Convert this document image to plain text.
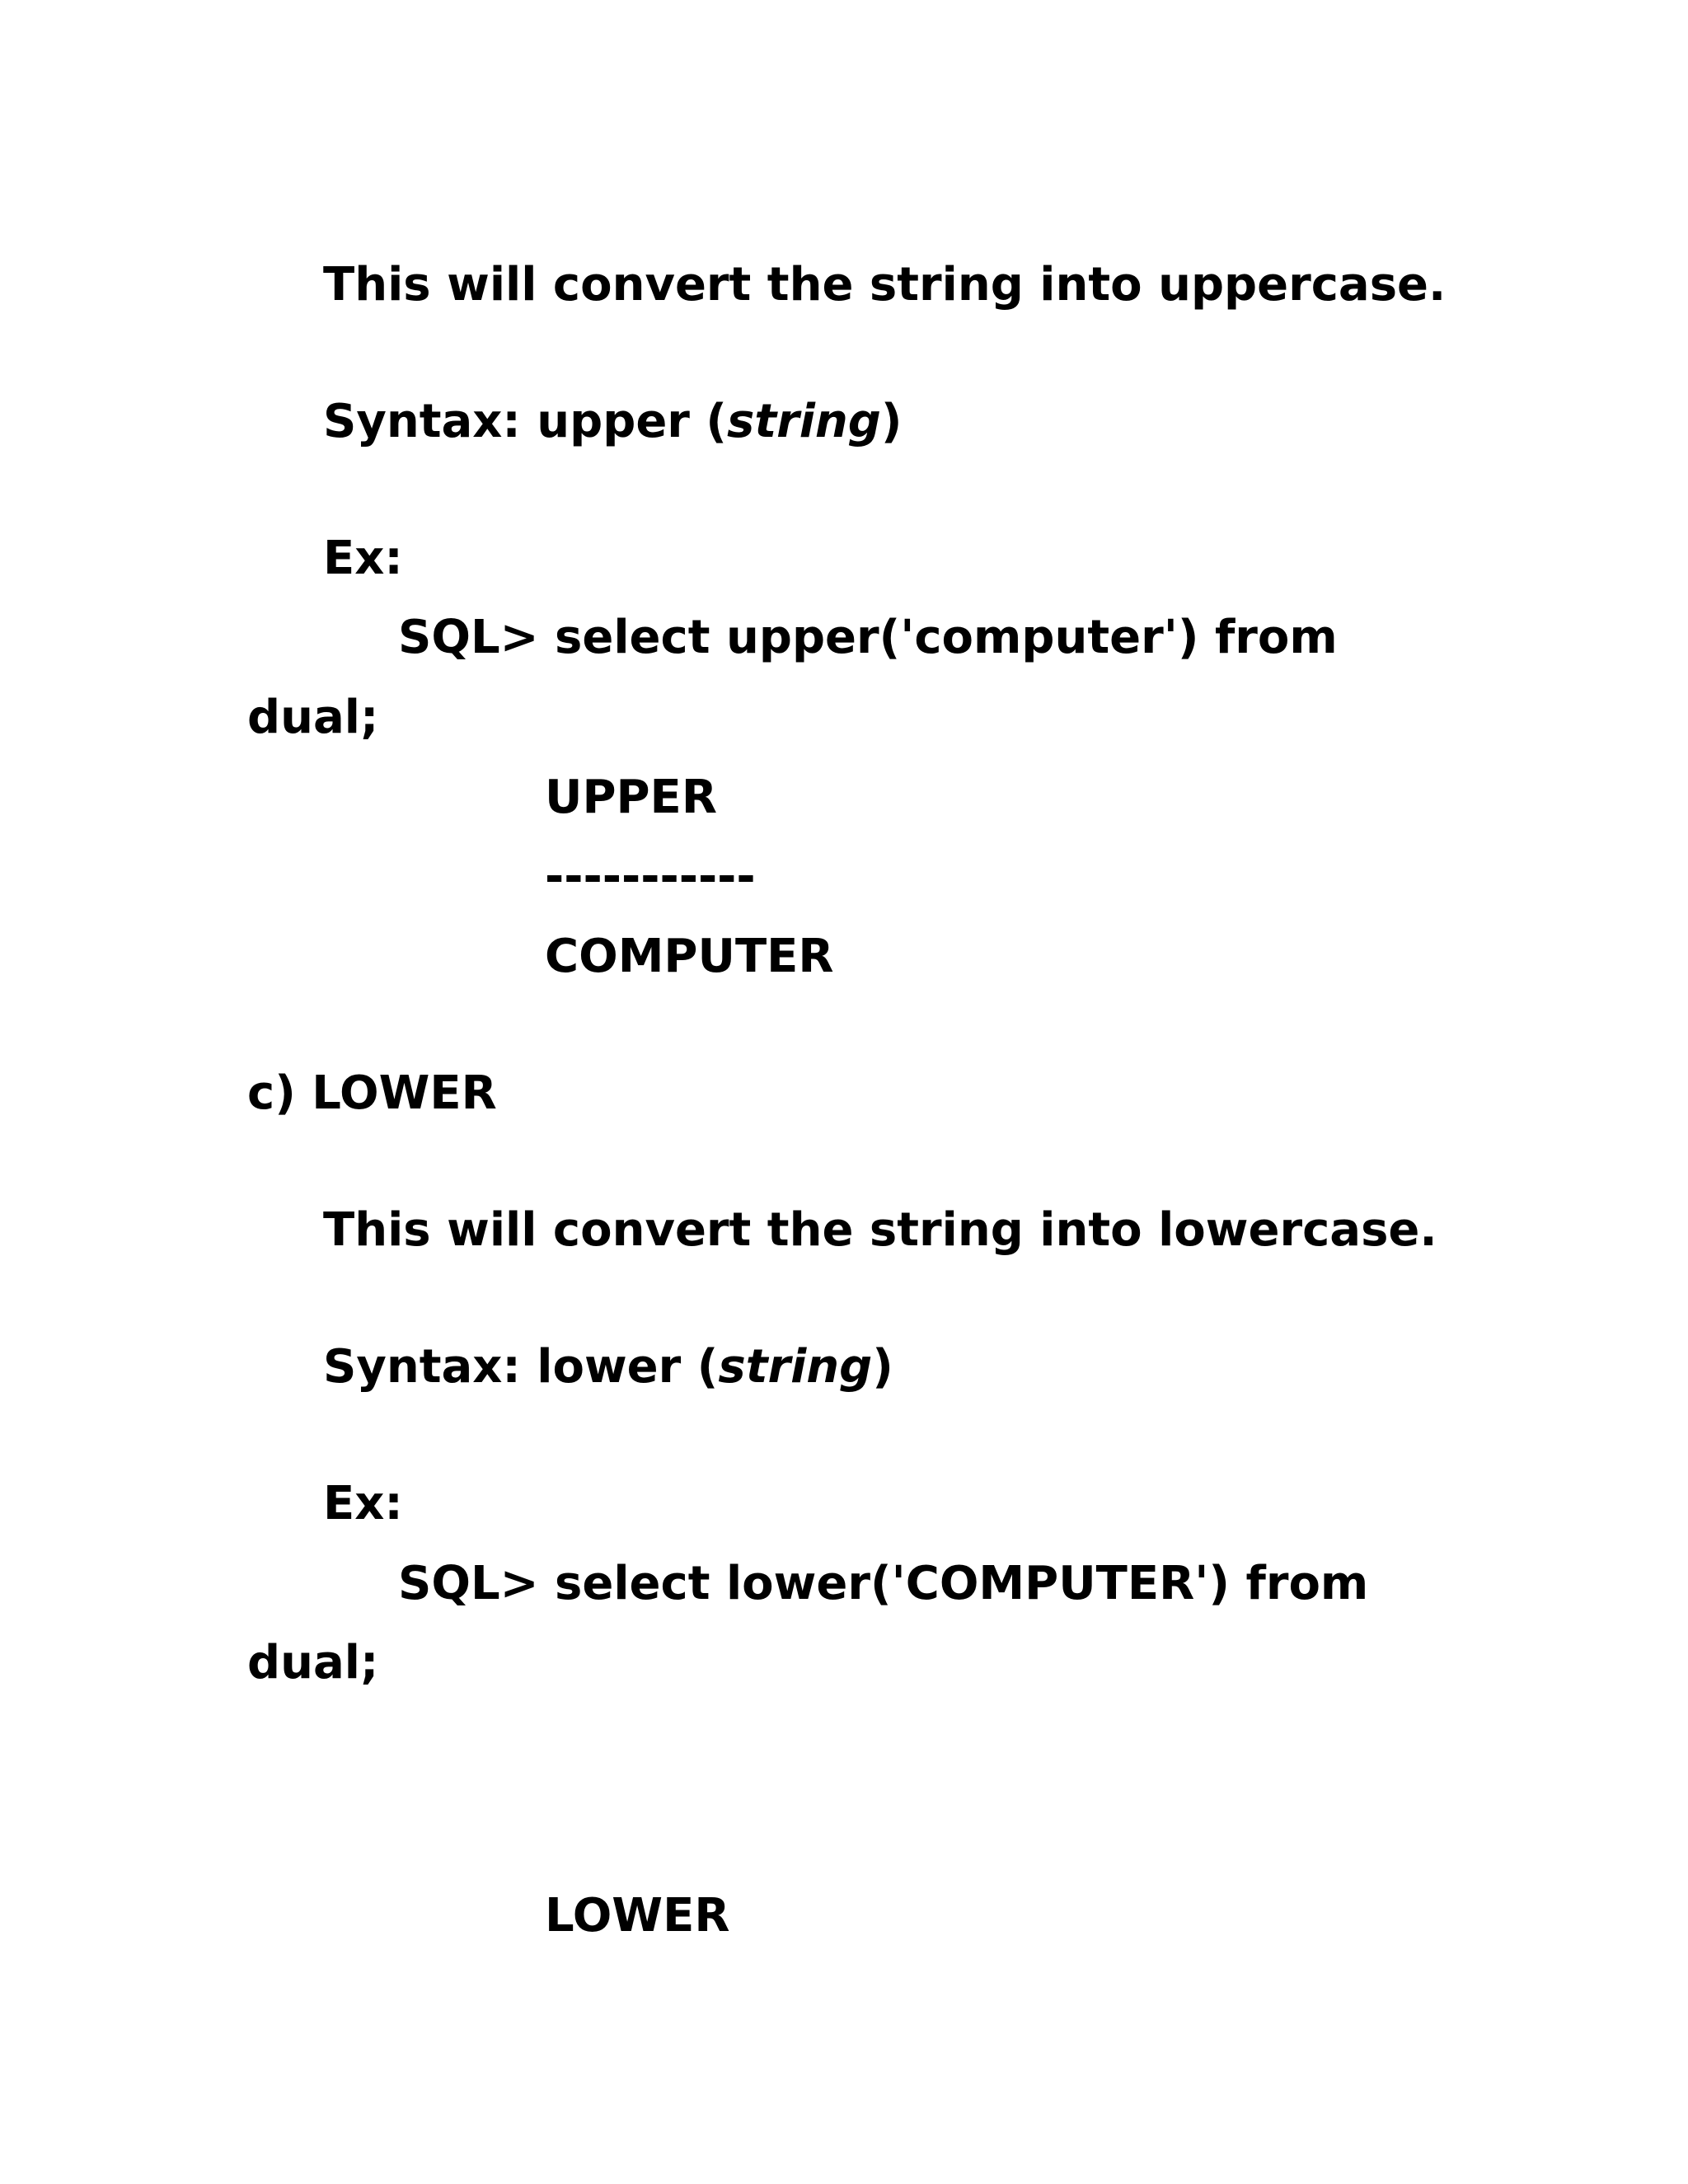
This will convert the string into uppercase.
Syntax: upper (string)
Ex:
SQL> select upper('computer') from
dual;
UPPER
-----------
COMPUTER
c) LOWER
This will convert the string into lowercase.
Syntax: lower (string)
Ex:
SQL> select lower('COMPUTER') from
dual;
LOWER
